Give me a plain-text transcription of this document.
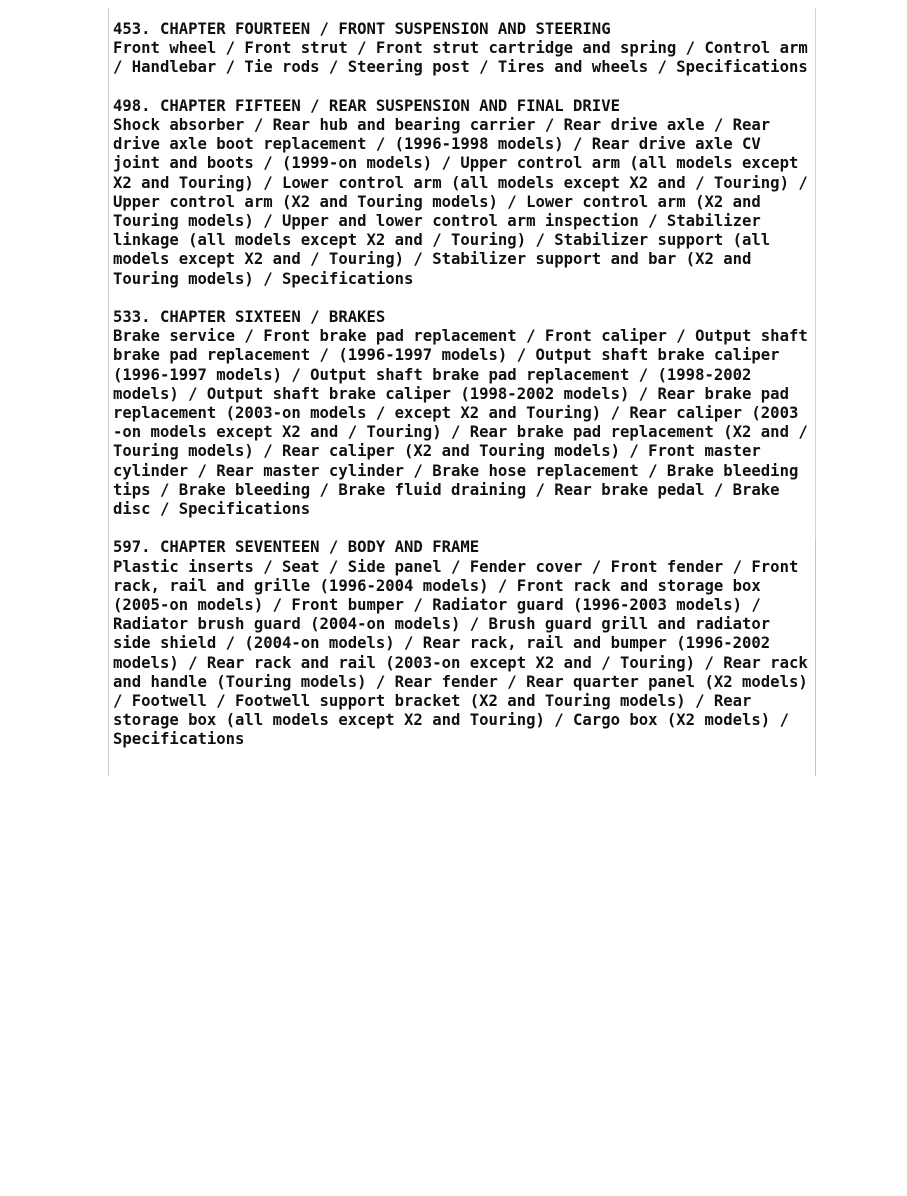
453. CHAPTER FOURTEEN / FRONT SUSPENSION AND STEERING
Front wheel / Front strut / Front strut cartridge and spring / Control arm
/ Handlebar / Tie rods / Steering post / Tires and wheels / Specifications
498. CHAPTER FIFTEEN / REAR SUSPENSION AND FINAL DRIVE
Shock absorber / Rear hub and bearing carrier / Rear drive axle / Rear
drive axle boot replacement / (1996-1998 models) / Rear drive axle CV
joint and boots / (1999-on models) / Upper control arm (all models except
X2 and Touring) / Lower control arm (all models except X2 and / Touring) /
Upper control arm (X2 and Touring models) / Lower control arm (X2 and
Touring models) / Upper and lower control arm inspection / Stabilizer
linkage (all models except X2 and / Touring) / Stabilizer support (all
models except X2 and / Touring) / Stabilizer support and bar (X2 and
Touring models) / Specifications
533. CHAPTER SIXTEEN / BRAKES
Brake service / Front brake pad replacement / Front caliper / Output shaft
brake pad replacement / (1996-1997 models) / Output shaft brake caliper
(1996-1997 models) / Output shaft brake pad replacement / (1998-2002
models) / Output shaft brake caliper (1998-2002 models) / Rear brake pad
replacement (2003-on models / except X2 and Touring) / Rear caliper (2003
-on models except X2 and / Touring) / Rear brake pad replacement (X2 and /
Touring models) / Rear caliper (X2 and Touring models) / Front master
cylinder / Rear master cylinder / Brake hose replacement / Brake bleeding
tips / Brake bleeding / Brake fluid draining / Rear brake pedal / Brake
disc / Specifications
597. CHAPTER SEVENTEEN / BODY AND FRAME
Plastic inserts / Seat / Side panel / Fender cover / Front fender / Front
rack, rail and grille (1996-2004 models) / Front rack and storage box
(2005-on models) / Front bumper / Radiator guard (1996-2003 models) /
Radiator brush guard (2004-on models) / Brush guard grill and radiator
side shield / (2004-on models) / Rear rack, rail and bumper (1996-2002
models) / Rear rack and rail (2003-on except X2 and / Touring) / Rear rack
and handle (Touring models) / Rear fender / Rear quarter panel (X2 models)
/ Footwell / Footwell support bracket (X2 and Touring models) / Rear
storage box (all models except X2 and Touring) / Cargo box (X2 models) /
Specifications
